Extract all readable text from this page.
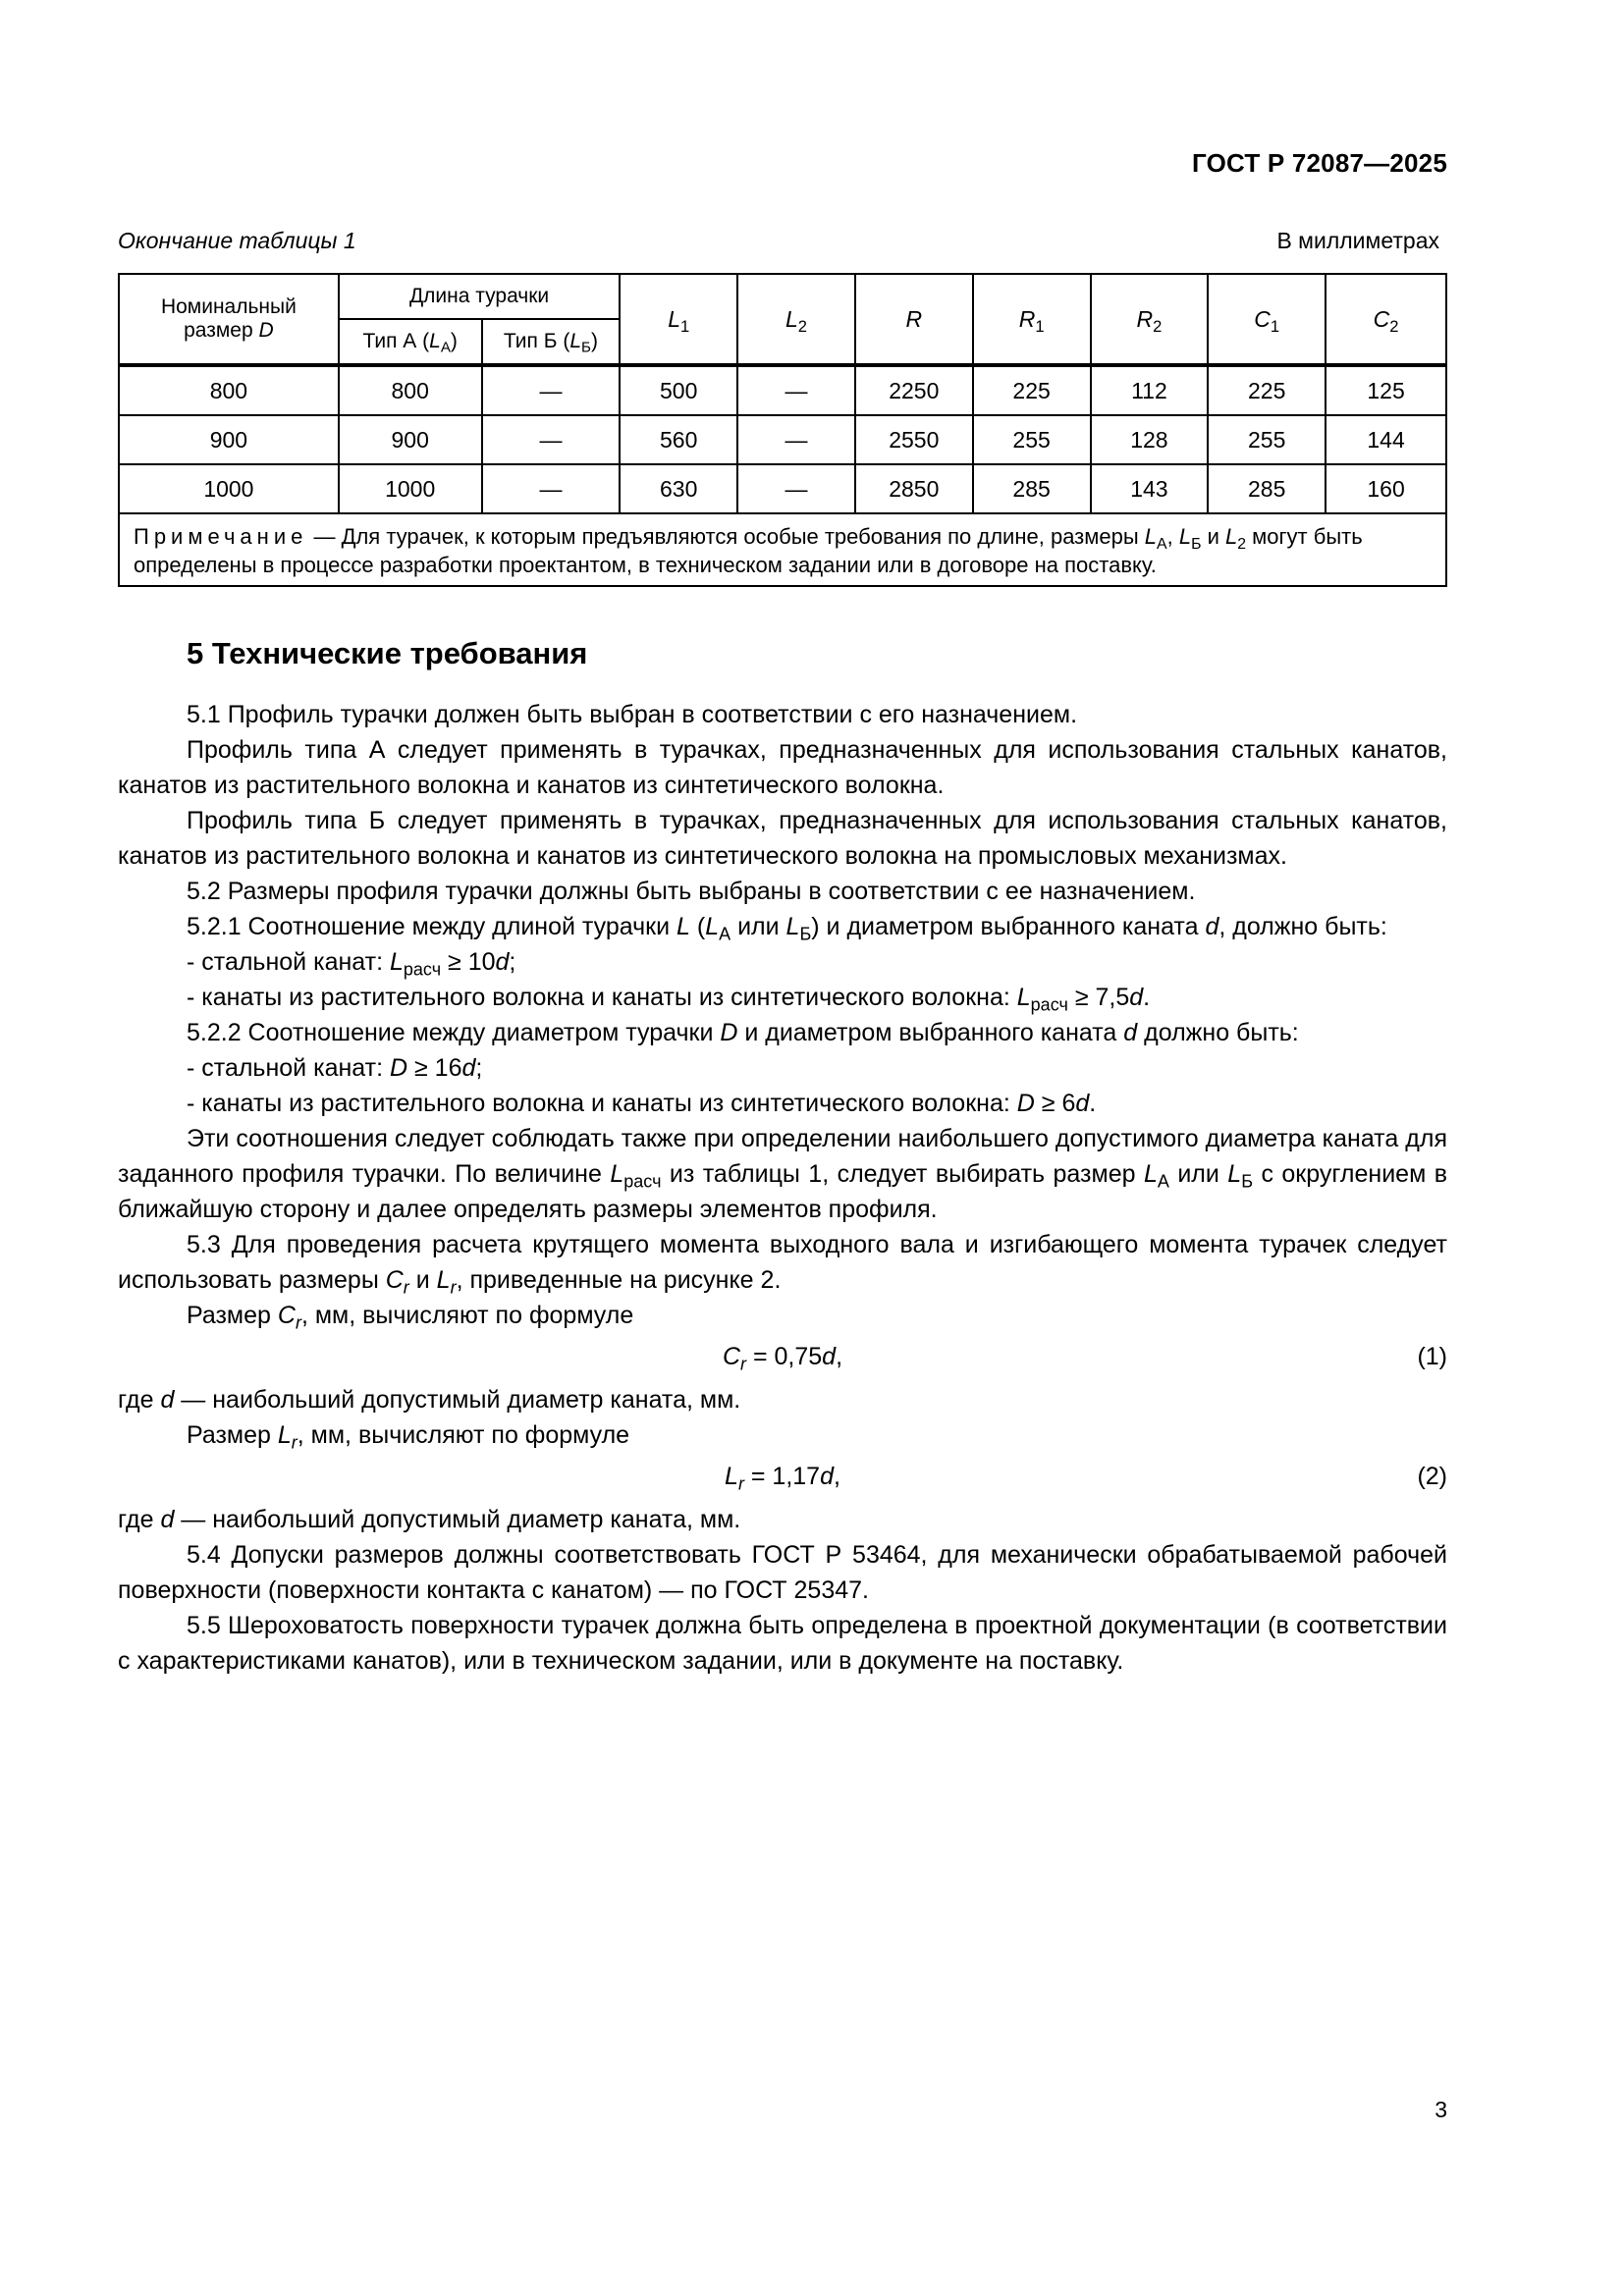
ГОСТ Р 72087—2025
Окончание таблицы 1	В миллиметрах
Номинальный
размер D	Длина турачки		$L_1$	$L_2$	R	$R_1$	$R_2$	$C_1$	$C_2$
	Тип А $(L_А)$	Тип Б $(L_Б)$							
800	800	—	500	—	2250	225	112	225	125
900	900	—	560	—	2550	255	128	255	144
1000	1000	—	630	—	2850	285	143	285	160
Примечание — Для турачек, к которым предъявляются особые требования по длине, размеры $L_А$, $L_Б$ и $L_2$ могут быть определены в процессе разработки проектантом, в техническом задании или в договоре на поставку.									
5 Технические требования

5.1 Профиль турачки должен быть выбран в соответствии с его назначением.

Профиль типа А следует применять в турачках, предназначенных для использования стальных канатов, канатов из растительного волокна и канатов из синтетического волокна.

Профиль типа Б следует применять в турачках, предназначенных для использования стальных канатов, канатов из растительного волокна и канатов из синтетического волокна на промысловых механизмах.

5.2 Размеры профиля турачки должны быть выбраны в соответствии с ее назначением.

5.2.1 Соотношение между длиной турачки L ($L_А$ или $L_Б$) и диаметром выбранного каната d, должно быть:

- стальной канат: $L_{расч} \ge 10d$;

- канаты из растительного волокна и канаты из синтетического волокна: $L_{расч} \ge 7,5d$.

5.2.2 Соотношение между диаметром турачки D и диаметром выбранного каната d должно быть:

- стальной канат: D ≥ 16d;

- канаты из растительного волокна и канаты из синтетического волокна: D ≥ 6d.

Эти соотношения следует соблюдать также при определении наибольшего допустимого диаметра каната для заданного профиля турачки. По величине $L_{расч}$ из таблицы 1, следует выбирать размер $L_А$ или $L_Б$ с округлением в ближайшую сторону и далее определять размеры элементов профиля.

5.3 Для проведения расчета крутящего момента выходного вала и изгибающего момента турачек следует использовать размеры $C_r$ и $L_r$, приведенные на рисунке 2.

Размер $C_r$, мм, вычисляют по формуле

$C_r = 0,75d$,	(1)

где d — наибольший допустимый диаметр каната, мм.

Размер $L_r$, мм, вычисляют по формуле

$L_r = 1,17d$,	(2)

где d — наибольший допустимый диаметр каната, мм.

5.4 Допуски размеров должны соответствовать ГОСТ Р 53464, для механически обрабатываемой рабочей поверхности (поверхности контакта с канатом) — по ГОСТ 25347.

5.5 Шероховатость поверхности турачек должна быть определена в проектной документации (в соответствии с характеристиками канатов), или в техническом задании, или в документе на поставку.

3
